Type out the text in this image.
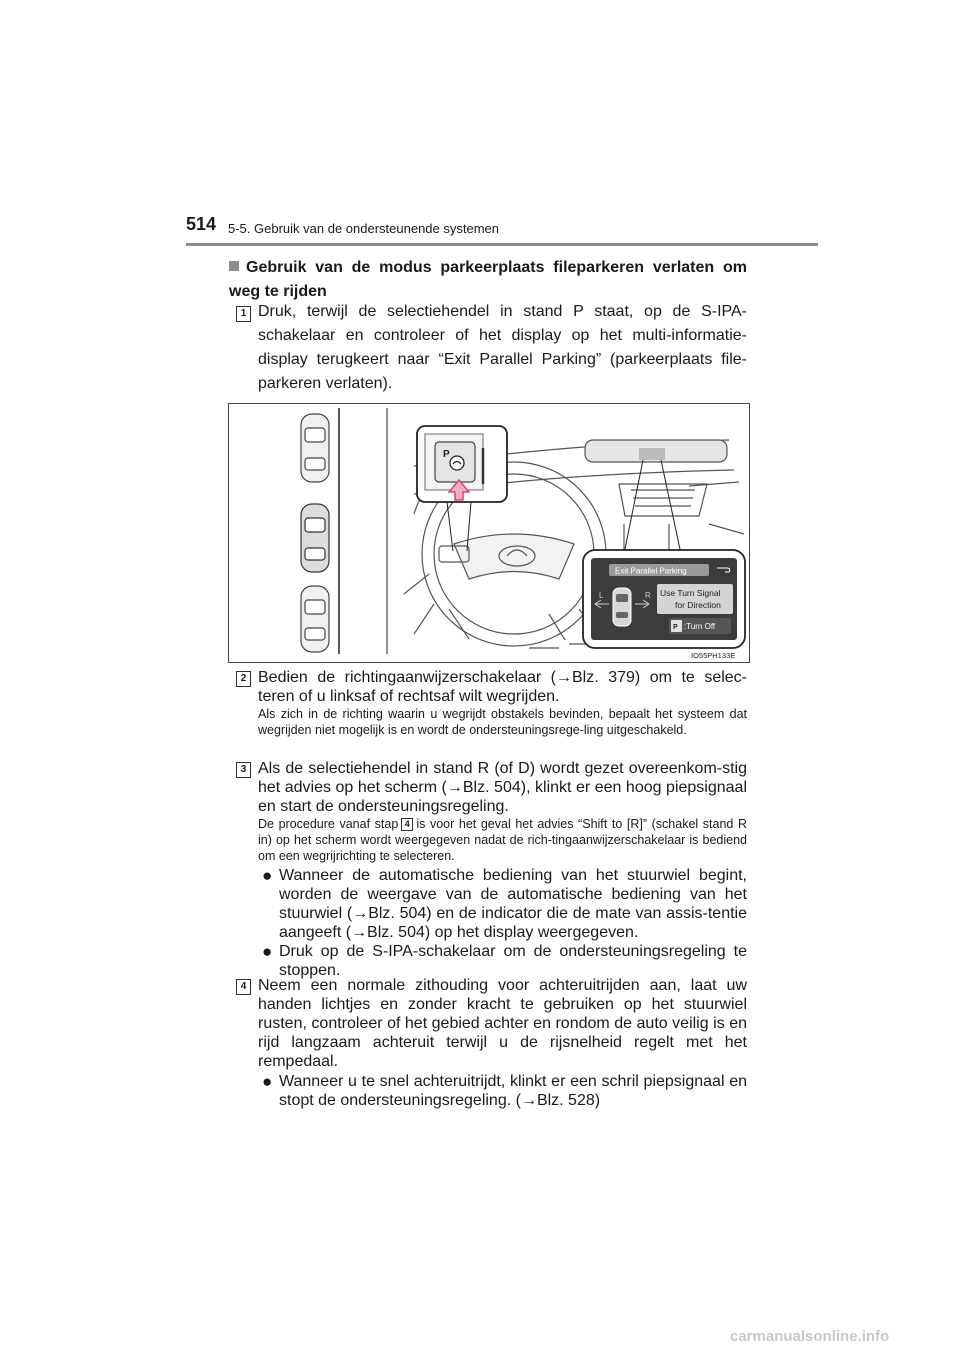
514 5-5. Gebruik van de ondersteunende systemen
Gebruik van de modus parkeerplaats fileparkeren verlaten om weg te rijden
1 Druk, terwijl de selectiehendel in stand P staat, op de S-IPA-schakelaar en controleer of het display op het multi-informatie-display terugkeert naar “Exit Parallel Parking” (parkeerplaats file-parkeren verlaten).
P
Exit Parallel Parking
L	R Use Turn Signal
for Direction
P :Turn Off
IO55PH133E
2 Bedien de richtingaanwijzerschakelaar (→Blz. 379) om te selec-teren of u linksaf of rechtsaf wilt wegrijden.
Als zich in de richting waarin u wegrijdt obstakels bevinden, bepaalt het systeem dat wegrijden niet mogelijk is en wordt de ondersteuningsrege-ling uitgeschakeld.
3 Als de selectiehendel in stand R (of D) wordt gezet overeenkom-stig het advies op het scherm (→Blz. 504), klinkt er een hoog piepsignaal en start de ondersteuningsregeling.
De procedure vanaf stap 4 is voor het geval het advies “Shift to [R]” (schakel stand R in) op het scherm wordt weergegeven nadat de rich-tingaanwijzerschakelaar is bediend om een wegrijrichting te selecteren.
● Wanneer de automatische bediening van het stuurwiel begint, worden de weergave van de automatische bediening van het stuurwiel (→Blz. 504) en de indicator die de mate van assis-tentie aangeeft (→Blz. 504) op het display weergegeven.
● Druk op de S-IPA-schakelaar om de ondersteuningsregeling te stoppen.
4 Neem een normale zithouding voor achteruitrijden aan, laat uw handen lichtjes en zonder kracht te gebruiken op het stuurwiel rusten, controleer of het gebied achter en rondom de auto veilig is en rijd langzaam achteruit terwijl u de rijsnelheid regelt met het rempedaal.
● Wanneer u te snel achteruitrijdt, klinkt er een schril piepsignaal en stopt de ondersteuningsregeling. (→Blz. 528)
carmanualsonline.info
